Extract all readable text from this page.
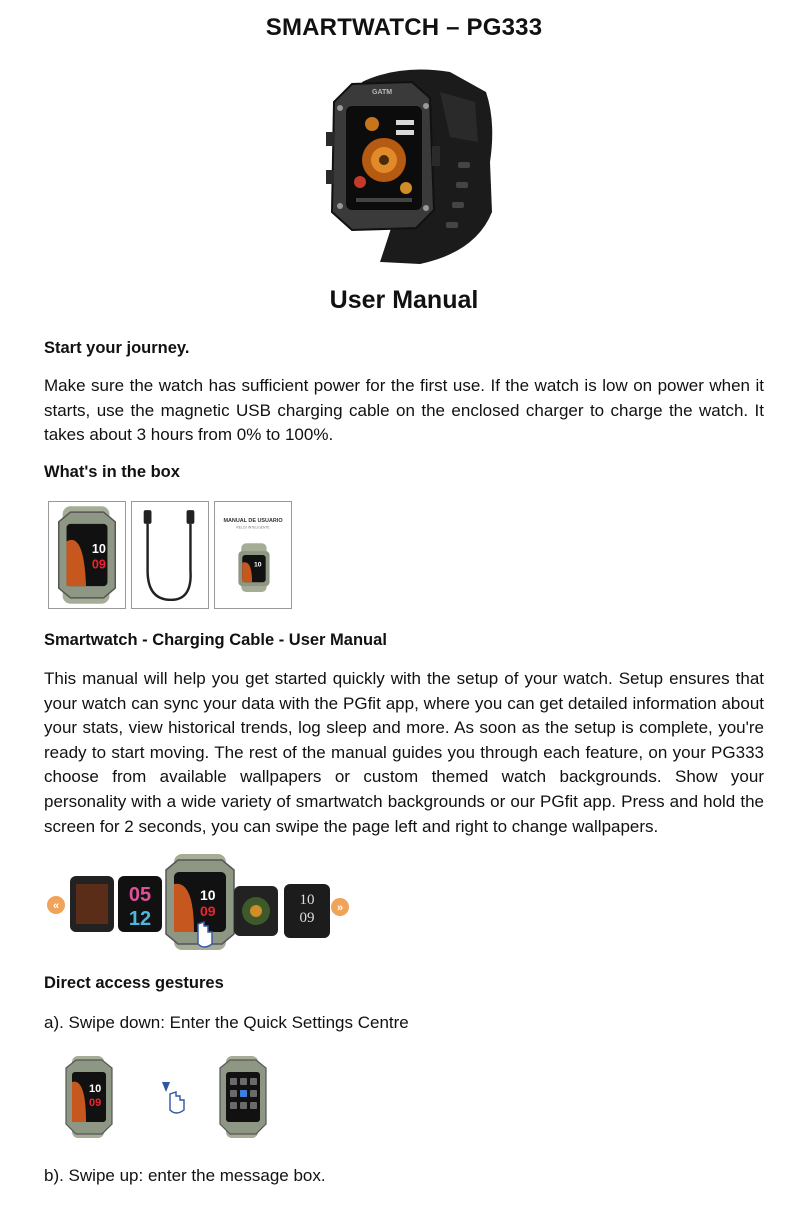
SMARTWATCH – PG333
GATM
User Manual
Start your journey.

Make sure the watch has sufficient power for the first use. If the watch is low on power when it starts, use the magnetic USB charging cable on the enclosed charger to charge the watch. It takes about 3 hours from 0% to 100%.

What's in the box
10
09
MANUAL DE USUARIO
RELOJ INTELIGENTE
10
Smartwatch - Charging Cable - User Manual

This manual will help you get started quickly with the setup of your watch. Setup ensures that your watch can sync your data with the PGfit app, where you can get detailed information about your stats, view historical trends, log sleep and more. As soon as the setup is complete, you're ready to start moving. The rest of the manual guides you through each feature, on your PG333 choose from available wallpapers or custom themed watch backgrounds. Show your personality with a wide variety of smartwatch backgrounds or our PGfit app. Press and hold the screen for 2 seconds, you can swipe the page left and right to change wallpapers.

«	05
12
10
09
10
09
»
Direct access gestures
a). Swipe down: Enter the Quick Settings Centre
10
09
b). Swipe up: enter the message box.
